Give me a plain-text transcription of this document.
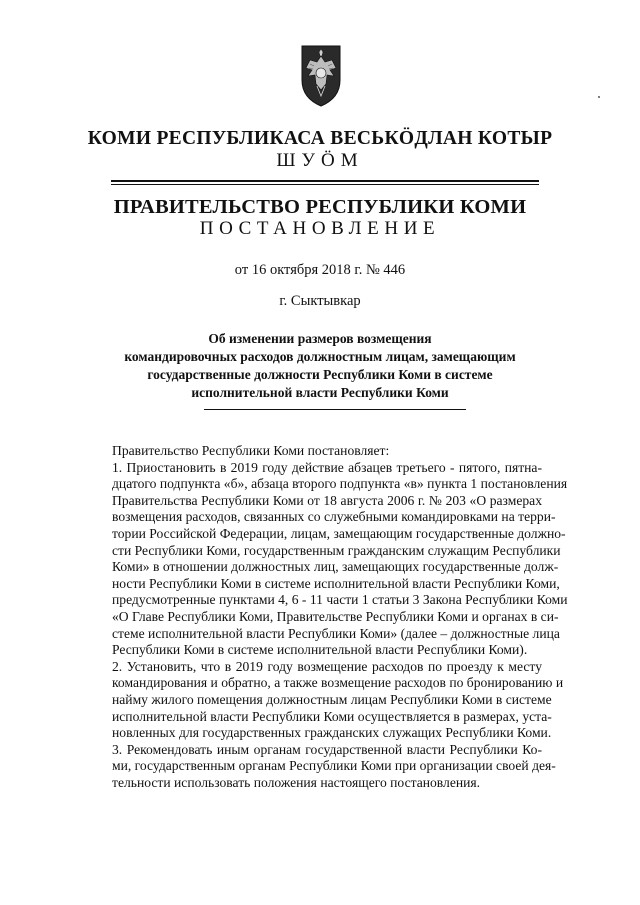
КОМИ РЕСПУБЛИКАСА ВЕСЬКӦДЛАН КОТЫР
ШУӦМ
ПРАВИТЕЛЬСТВО РЕСПУБЛИКИ КОМИ
ПОСТАНОВЛЕНИЕ
от 16 октября 2018 г. № 446
г. Сыктывкар
Об изменении размеров возмещения
командировочных расходов должностным лицам, замещающим
государственные должности Республики Коми в системе
исполнительной власти Республики Коми
Правительство Республики Коми постановляет:
1. Приостановить в 2019 году действие абзацев третьего - пятого, пятна-
дцатого подпункта «б», абзаца второго подпункта «в» пункта 1 постановления
Правительства Республики Коми от 18 августа 2006 г. № 203 «О размерах
возмещения расходов, связанных со служебными командировками на терри-
тории Российской Федерации, лицам, замещающим государственные должно-
сти Республики Коми, государственным гражданским служащим Республики
Коми» в отношении должностных лиц, замещающих государственные долж-
ности Республики Коми в системе исполнительной власти Республики Коми,
предусмотренные пунктами 4, 6 - 11 части 1 статьи 3 Закона Республики Коми
«О Главе Республики Коми, Правительстве Республики Коми и органах в си-
стеме исполнительной власти Республики Коми» (далее – должностные лица
Республики Коми в системе исполнительной власти Республики Коми).
2. Установить, что в 2019 году возмещение расходов по проезду к месту
командирования и обратно, а также возмещение расходов по бронированию и
найму жилого помещения должностным лицам Республики Коми в системе
исполнительной власти Республики Коми осуществляется в размерах, уста-
новленных для государственных гражданских служащих Республики Коми.
3. Рекомендовать иным органам государственной власти Республики Ко-
ми, государственным органам Республики Коми при организации своей дея-
тельности использовать положения настоящего постановления.
